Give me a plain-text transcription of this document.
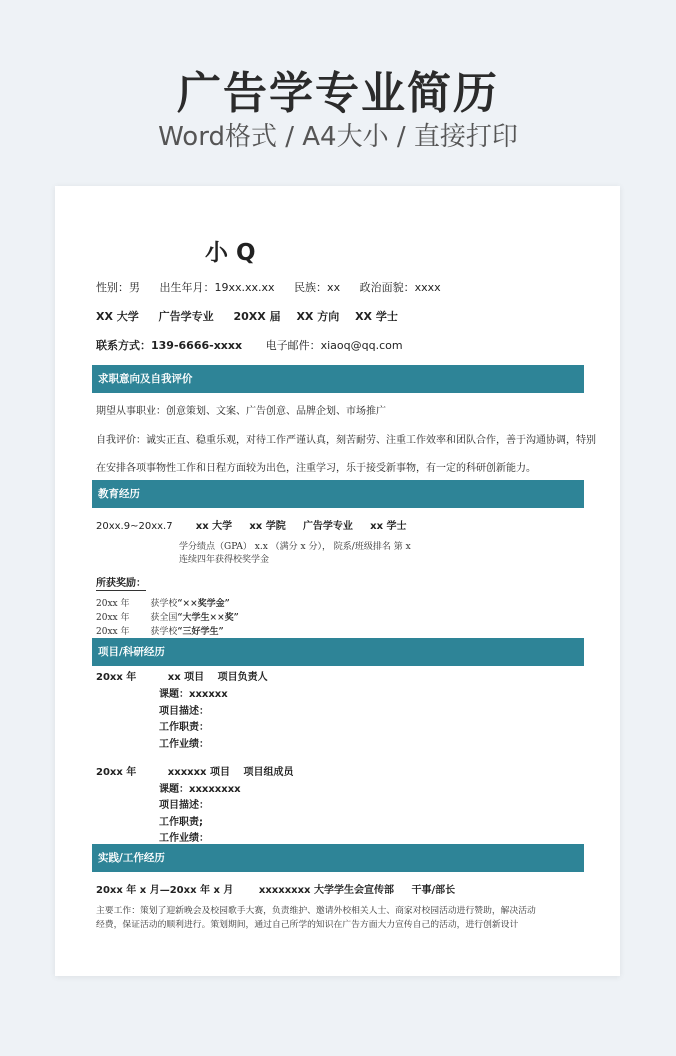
广告学专业简历
Word格式 / A4大小 / 直接打印
小 Q
性别：男 出生年月：19xx.xx.xx 民族：xx 政治面貌：xxxx
XX 大学 广告学专业 20XX 届 XX 方向 XX 学士
联系方式：139-6666-xxxx 电子邮件：xiaoq@qq.com
求职意向及自我评价
期望从事职业：创意策划、文案、广告创意、品牌企划、市场推广
自我评价：诚实正直、稳重乐观，对待工作严谨认真，刻苦耐劳、注重工作效率和团队合作，善于沟通协调，特别
在安排各项事物性工作和日程方面较为出色，注重学习，乐于接受新事物，有一定的科研创新能力。
教育经历
20xx.9~20xx.7 xx 大学 xx 学院 广告学专业 xx 学士
学分绩点（GPA） x.x （满分 x 分）， 院系/班级排名 第 x
连续四年获得校奖学金
所获奖励：
20xx 年 获学校“××奖学金”
20xx 年 获全国“大学生××奖”
20xx 年 获学校“三好学生”
项目/科研经历
20xx 年	xx 项目 项目负责人
课题：xxxxxx
项目描述：
工作职责：
工作业绩：
20xx 年	xxxxxx 项目 项目组成员
课题：xxxxxxxx
项目描述：
工作职责;
工作业绩：
实践/工作经历
20xx 年 x 月—20xx 年 x 月	xxxxxxxx 大学学生会宣传部 干事/部长
主要工作：策划了迎新晚会及校园歌手大赛，负责维护、邀请外校相关人士、商家对校园活动进行赞助，解决活动
经费，保证活动的顺利进行。策划期间，通过自己所学的知识在广告方面大力宣传自己的活动，进行创新设计
